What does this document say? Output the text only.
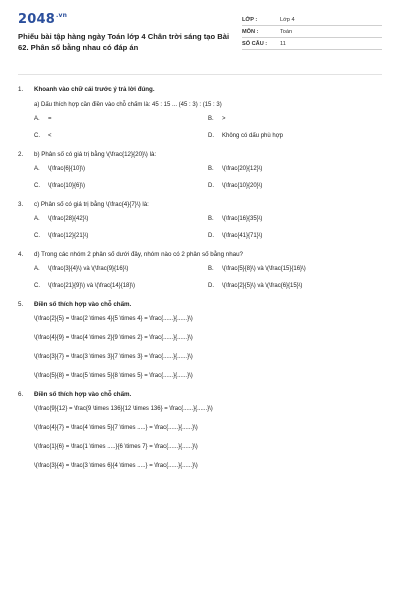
$2048^{.vn}$
Phiếu bài tập hàng ngày Toán lớp 4 Chân trời sáng tạo Bài 62. Phân số bằng nhau có đáp án
LỚP :	Lớp 4
MÔN :	Toán
SỐ CÂU :	11
1.	Khoanh vào chữ cái trước ý trả lời đúng.
a) Dấu thích hợp cần điền vào chỗ chấm là: 45 : 15 ... (45 : 3) : (15 : 3)
A.	=	B.	>
C.	<	D.	Không có dấu phù hợp
2.	b) Phân số có giá trị bằng \(\frac{12}{20}\) là:
A.	\(\frac{6}{10}\)	B.	\(\frac{20}{12}\)
C.	\(\frac{10}{6}\)	D.	\(\frac{10}{20}\)
3.	c) Phân số có giá trị bằng \(\frac{4}{7}\) là:
A.	\(\frac{28}{42}\)	B.	\(\frac{16}{35}\)
C.	\(\frac{12}{21}\)	D.	\(\frac{41}{71}\)
4.	d) Trong các nhóm 2 phân số dưới đây, nhóm nào có 2 phân số bằng nhau?
A.	\(\frac{3}{4}\) và \(\frac{9}{16}\)	B.	\(\frac{5}{8}\) và \(\frac{15}{16}\)
C.	\(\frac{21}{9}\) và \(\frac{14}{18}\)	D.	\(\frac{2}{5}\) và \(\frac{6}{15}\)
5.	Điền số thích hợp vào chỗ chấm.
\(\frac{2}{5} = \frac{2 \times 4}{5 \times 4} = \frac{......}{......}\)
\(\frac{4}{9} = \frac{4 \times 2}{9 \times 2} = \frac{......}{......}\)
\(\frac{3}{7} = \frac{3 \times 3}{7 \times 3} = \frac{......}{......}\)
\(\frac{5}{8} = \frac{5 \times 5}{8 \times 5} = \frac{......}{......}\)
6.	Điền số thích hợp vào chỗ chấm.
\(\frac{9}{12} = \frac{9 \times 136}{12 \times 136} = \frac{......}{......}\)
\(\frac{4}{7} = \frac{4 \times 5}{7 \times .....} = \frac{......}{......}\)
\(\frac{1}{6} = \frac{1 \times .....}{6 \times 7} = \frac{......}{......}\)
\(\frac{3}{4} = \frac{3 \times 6}{4 \times .....} = \frac{......}{......}\)
